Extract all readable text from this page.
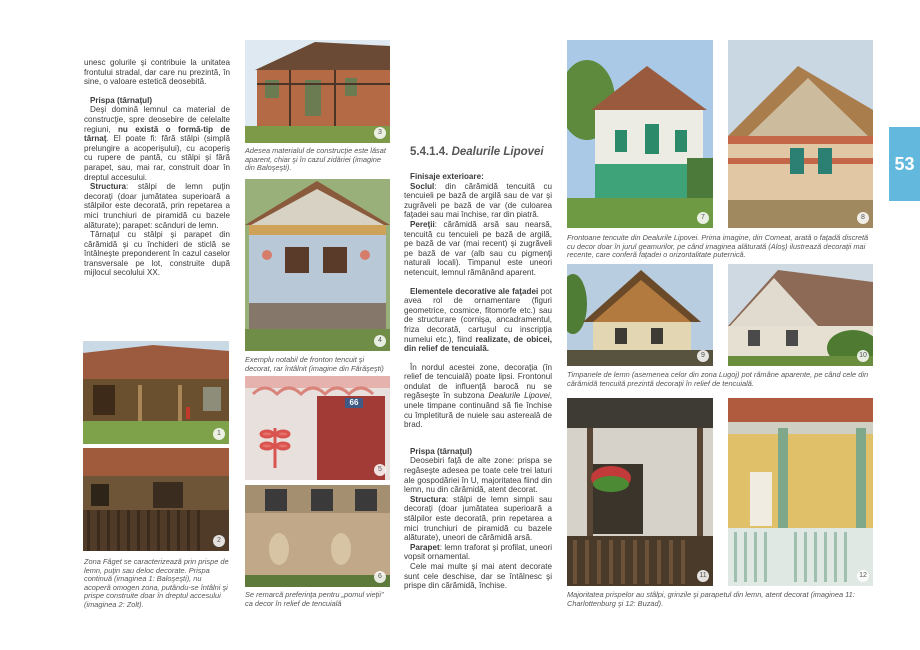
unesc golurile şi contribuie la unitatea frontului stradal, dar care nu prezintă, în sine, o valoare estetică deosebită.

Prispa (târnaţul)

Deşi domină lemnul ca material de construcţie, spre deosebire de celelalte regiuni, nu există o formă-tip de târnaţ. El poate fi: fără stâlpi (simplă prelungire a acoperişului), cu acoperiş cu rupere de pantă, cu stâlpi şi fără parapet, sau, mai rar, construit doar în dreptul accesului.

Structura: stâlpi de lemn puţin decoraţi (doar jumătatea superioară a stâlpilor este decorată, prin repetarea a mici trunchiuri de piramidă cu bazele alăturate); parapet: scânduri de lemn.

Târnaţul cu stâlpi şi parapet din cărămidă şi cu închideri de sticlă se întâlneşte preponderent în cazul caselor transversale pe lot, construite după mijlocul secolului XX.

1
2
Zona Făget se caracterizează prin prispe de lemn, puţin sau deloc decorate. Prispa continuă (imaginea 1: Baloşeşti), nu acoperă omogen zona, putându-se întâlni şi prispe construite doar în dreptul accesului (imaginea 2: Zolt).
3
Adesea materialul de construcţie este lăsat aparent, chiar şi în cazul zidăriei (imagine din Baloşeşti).
4
Exemplu notabil de fronton tencuit şi decorat, rar întâlnit (imagine din Fărăşeşti)
66
5
6
Se remarcă preferinţa pentru „pomul vieţii” ca decor în relief de tencuială
5.4.1.4. Dealurile Lipovei

Finisaje exterioare:

Soclul: din cărămidă tencuită cu tencuieli pe bază de argilă sau de var şi zugrăveli pe bază de var (de culoarea faţadei sau mai închise, rar din piatră.

Pereţii: cărămidă arsă sau nearsă, tencuită cu tencuieli pe bază de argilă, pe bază de var (mai recent) şi zugrăveli pe bază de var (alb sau cu pigmenţi naturali locali). Timpanul este uneori netencuit, lemnul rămânând aparent.

Elementele decorative ale faţadei pot avea rol de ornamentare (figuri geometrice, cosmice, fitomorfe etc.) sau de structurare (cornişa, ancadramentul, friza decorată, cartuşul cu inscripţia numelui etc.), fiind realizate, de obicei, din relief de tencuială.

În nordul acestei zone, decoraţia (în relief de tencuială) poate lipsi. Frontonul ondulat de influenţă barocă nu se regăseşte în subzona Dealurile Lipovei, unele timpane continuând să fie închise cu împletitură de nuiele sau asterealâ de brad.

Prispa (târnaţul)

Deosebiri faţă de alte zone: prispa se regăseşte adesea pe toate cele trei laturi ale gospodăriei în U, majoritatea fiind din lemn, nu din cărămidă, atent decorat.

Structura: stâlpi de lemn simpli sau decoraţi (doar jumătatea superioară a stâlpilor este decorată, prin repetarea a mici trunchiuri de piramidă cu bazele alăturate), uneori de cărămidă arsă.

Parapet: lemn traforat şi profilat, uneori vopsit ornamental.

Cele mai multe şi mai atent decorate sunt cele deschise, dar se întâlnesc şi prispe din cărămidă, închise.

7	8
Frontoane tencuite din Dealurile Lipovei. Prima imagine, din Comeat, arată o faţadă discretă cu decor doar în jurul geamurilor, pe când imaginea alăturată (Aloş) ilustrează decoraţii mai recente, care conferă faţadei o orizontalitate puternică.
9	10
Timpanele de lemn (asemenea celor din zona Lugoj) pot rămâne aparente, pe când cele din cărămidă tencuită prezintă decoraţii în relief de tencuială.
11	12
Majoritatea prispelor au stâlpi, grinzile şi parapetul din lemn, atent decorat (imaginea 11: Charlottenburg şi 12: Buzad).
53
